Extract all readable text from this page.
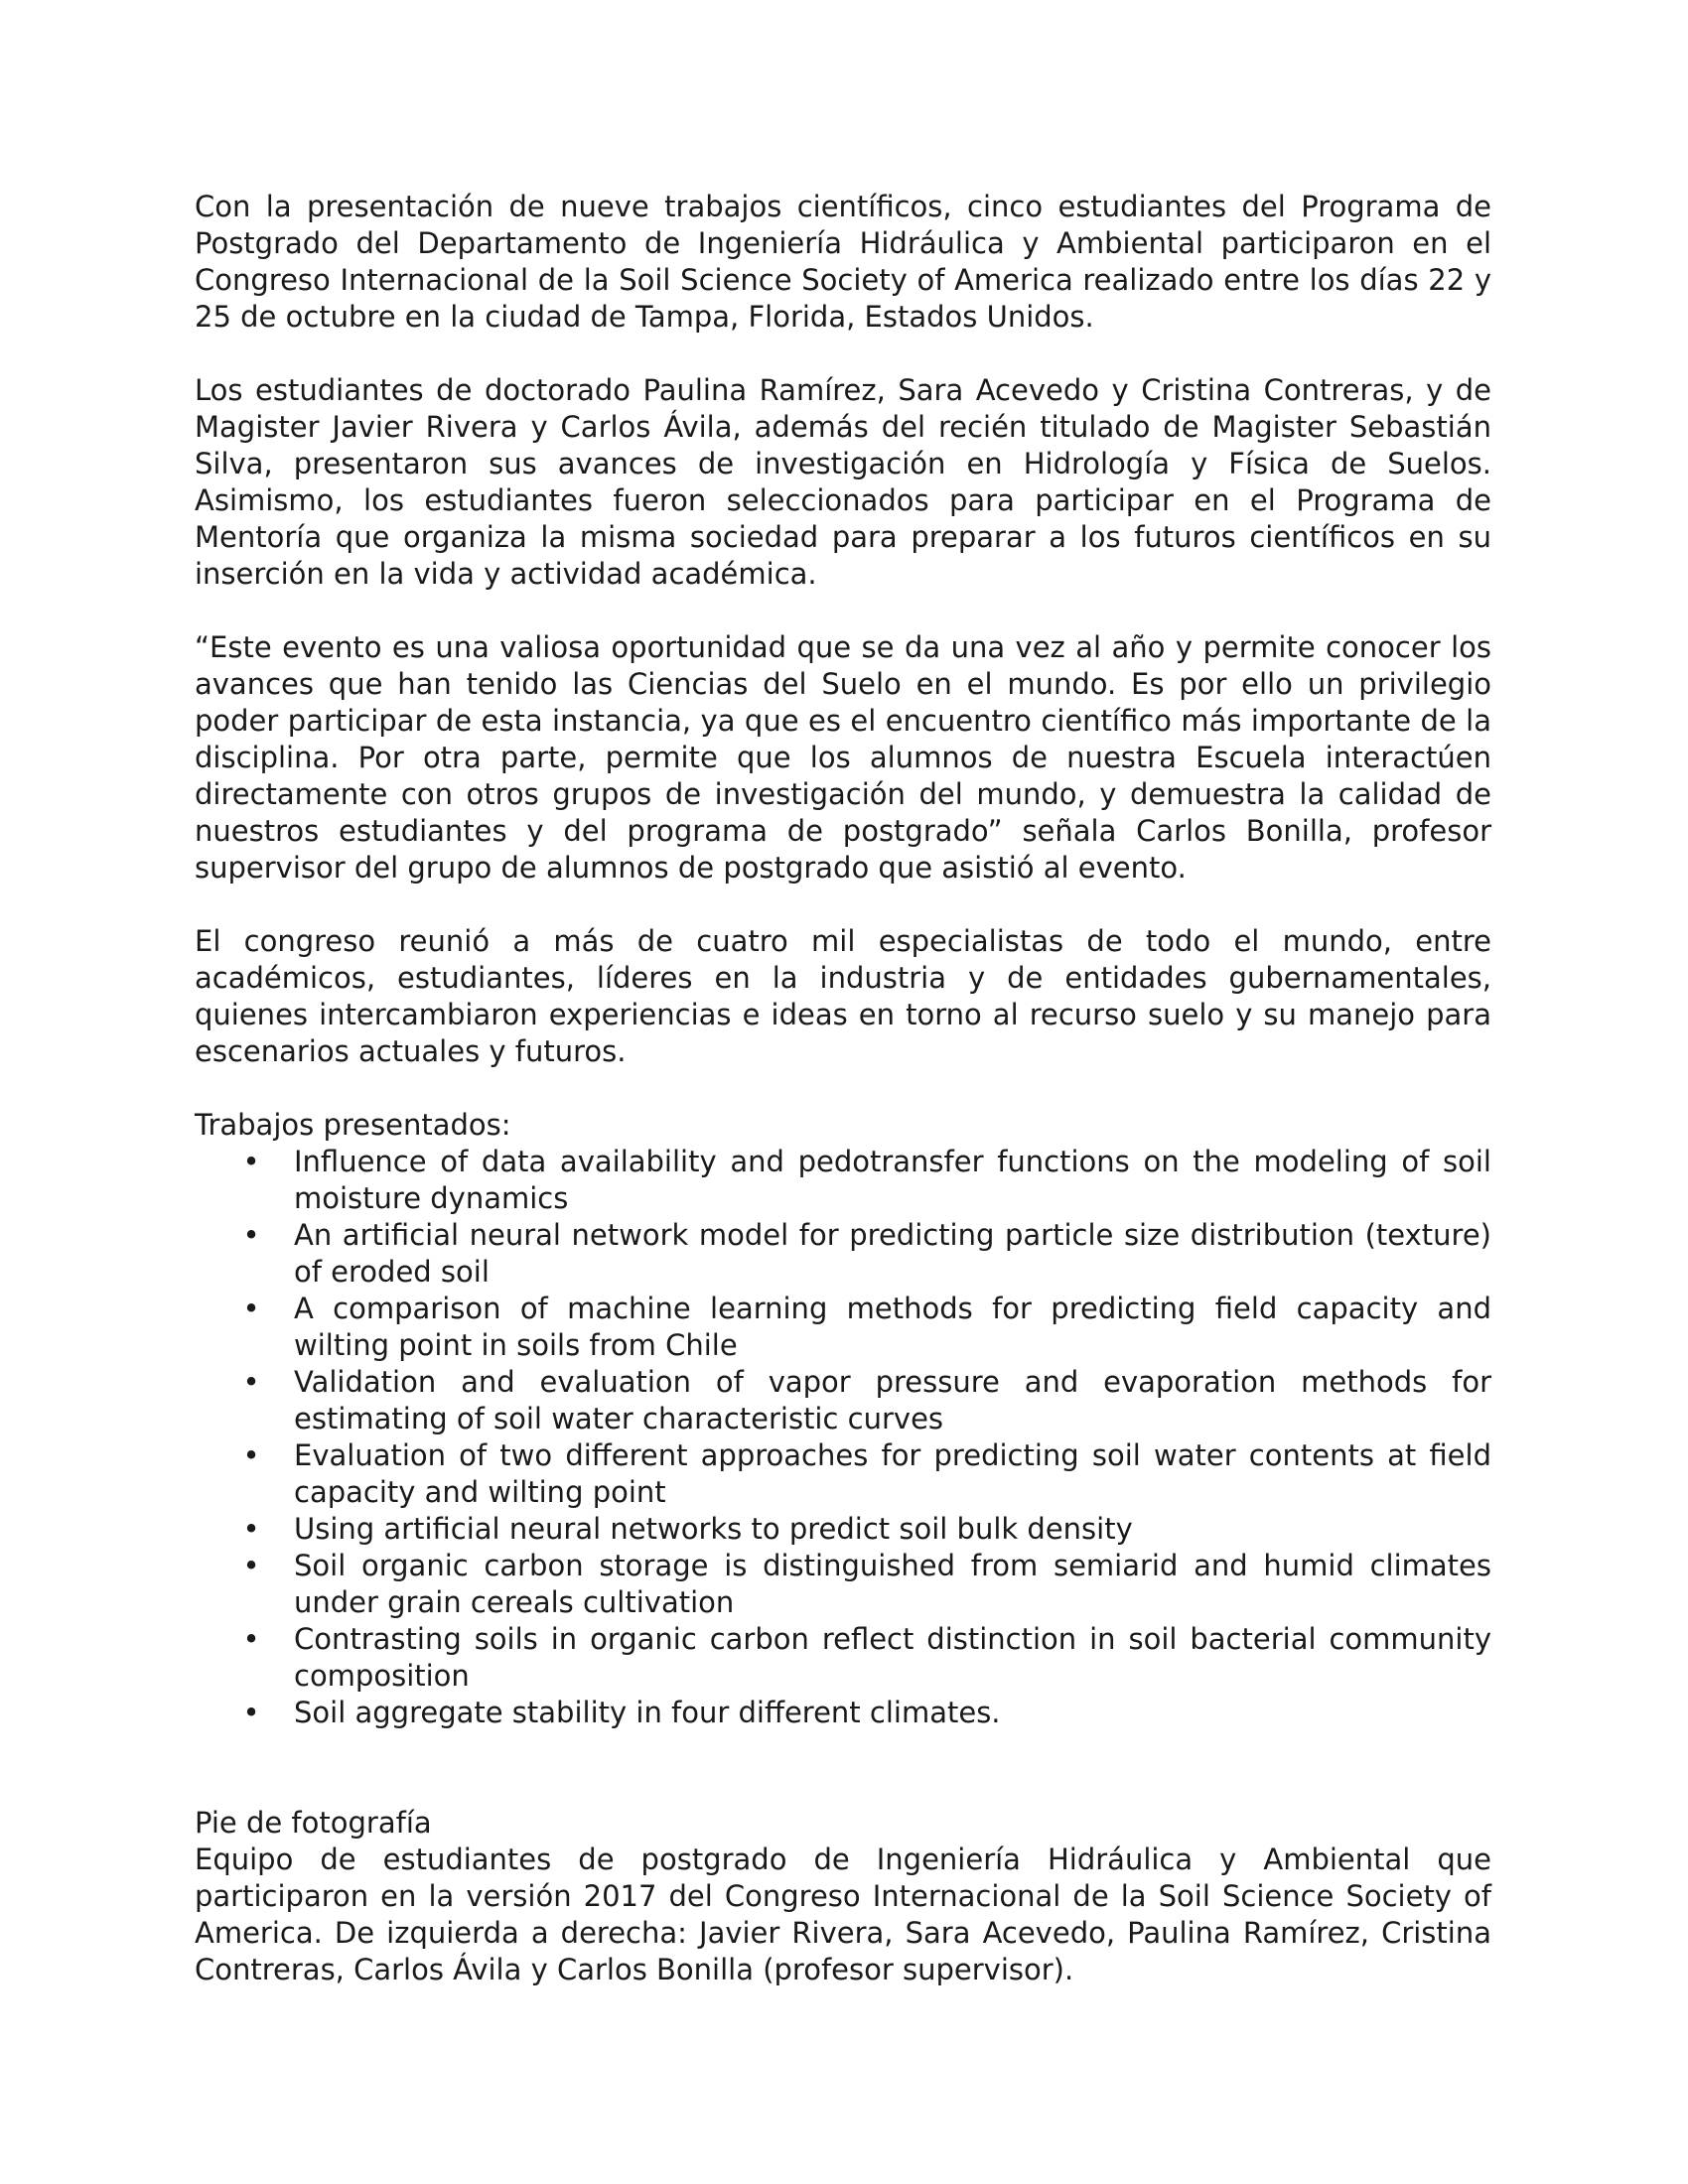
Con la presentación de nueve trabajos científicos, cinco estudiantes del Programa de Postgrado del Departamento de Ingeniería Hidráulica y Ambiental participaron en el Congreso Internacional de la Soil Science Society of America realizado entre los días 22 y 25 de octubre en la ciudad de Tampa, Florida, Estados Unidos.

Los estudiantes de doctorado Paulina Ramírez, Sara Acevedo y Cristina Contreras, y de Magister Javier Rivera y Carlos Ávila, además del recién titulado de Magister Sebastián Silva, presentaron sus avances de investigación en Hidrología y Física de Suelos. Asimismo, los estudiantes fueron seleccionados para participar en el Programa de Mentoría que organiza la misma sociedad para preparar a los futuros científicos en su inserción en la vida y actividad académica.

“Este evento es una valiosa oportunidad que se da una vez al año y permite conocer los avances que han tenido las Ciencias del Suelo en el mundo. Es por ello un privilegio poder participar de esta instancia, ya que es el encuentro científico más importante de la disciplina. Por otra parte, permite que los alumnos de nuestra Escuela interactúen directamente con otros grupos de investigación del mundo, y demuestra la calidad de nuestros estudiantes y del programa de postgrado” señala Carlos Bonilla, profesor supervisor del grupo de alumnos de postgrado que asistió al evento.

El congreso reunió a más de cuatro mil especialistas de todo el mundo, entre académicos, estudiantes, líderes en la industria y de entidades gubernamentales, quienes intercambiaron experiencias e ideas en torno al recurso suelo y su manejo para escenarios actuales y futuros.

Trabajos presentados:

• Influence of data availability and pedotransfer functions on the modeling of soil moisture dynamics
• An artificial neural network model for predicting particle size distribution (texture) of eroded soil
• A comparison of machine learning methods for predicting field capacity and wilting point in soils from Chile
• Validation and evaluation of vapor pressure and evaporation methods for estimating of soil water characteristic curves
• Evaluation of two different approaches for predicting soil water contents at field capacity and wilting point
• Using artificial neural networks to predict soil bulk density
• Soil organic carbon storage is distinguished from semiarid and humid climates under grain cereals cultivation
• Contrasting soils in organic carbon reflect distinction in soil bacterial community composition
• Soil aggregate stability in four different climates.

Pie de fotografía

Equipo de estudiantes de postgrado de Ingeniería Hidráulica y Ambiental que participaron en la versión 2017 del Congreso Internacional de la Soil Science Society of America. De izquierda a derecha: Javier Rivera, Sara Acevedo, Paulina Ramírez, Cristina Contreras, Carlos Ávila y Carlos Bonilla (profesor supervisor).
